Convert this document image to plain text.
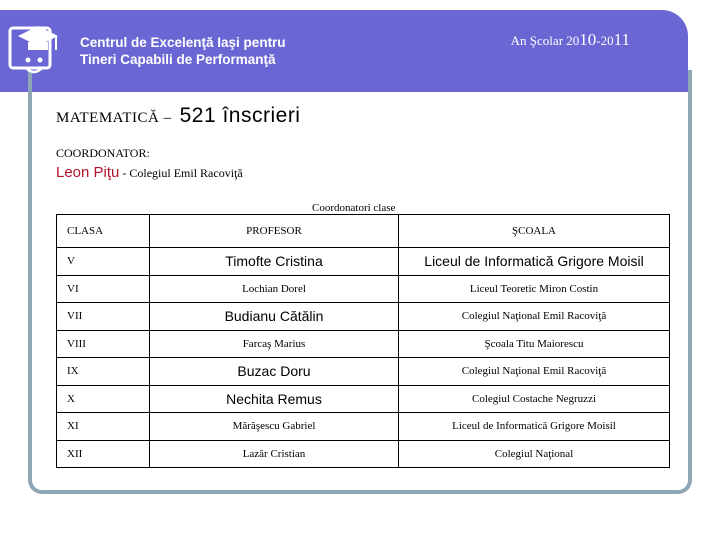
Centrul de Excelenţă Iaşi pentru
Tineri Capabili de Performanţă
An Şcolar 2010-2011
MATEMATICĂ – 521 înscrieri
COORDONATOR:
Leon Piţu - Colegiul Emil Racoviţă
Coordonatori clase
CLASA	PROFESOR	ŞCOALA
V	Timofte Cristina	Liceul de Informatică Grigore Moisil
VI	Lochian Dorel	Liceul Teoretic Miron Costin
VII	Budianu Cătălin	Colegiul Naţional Emil Racoviţă
VIII	Farcaş Marius	Şcoala Titu Maiorescu
IX	Buzac Doru	Colegiul Naţional Emil Racoviţă
X	Nechita Remus	Colegiul Costache Negruzzi
XI	Mărăşescu Gabriel	Liceul de Informatică Grigore Moisil
XII	Lazăr Cristian	Colegiul Naţional
